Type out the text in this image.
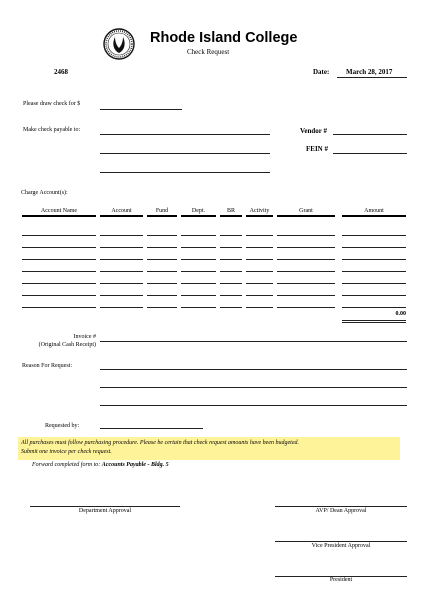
Rhode Island College
Check Request
2468	Date: March 28, 2017
Please draw check for $
Make check payable to:	Vendor #
FEIN #
Charge Account(s):
Account Name	Account	Fund	Dept.	BR	Activity	Grant	Amount
0.00
Invoice #
(Original Cash Receipt)
Reason For Request:
Requested by:
All purchases must follow purchasing procedure. Please be certain that check request amounts have been budgeted.
Submit one invoice per check request.
Forward completed form to: Accounts Payable - Bldg. 5
Department Approval	AVP/ Dean Approval
Vice President Approval
President
